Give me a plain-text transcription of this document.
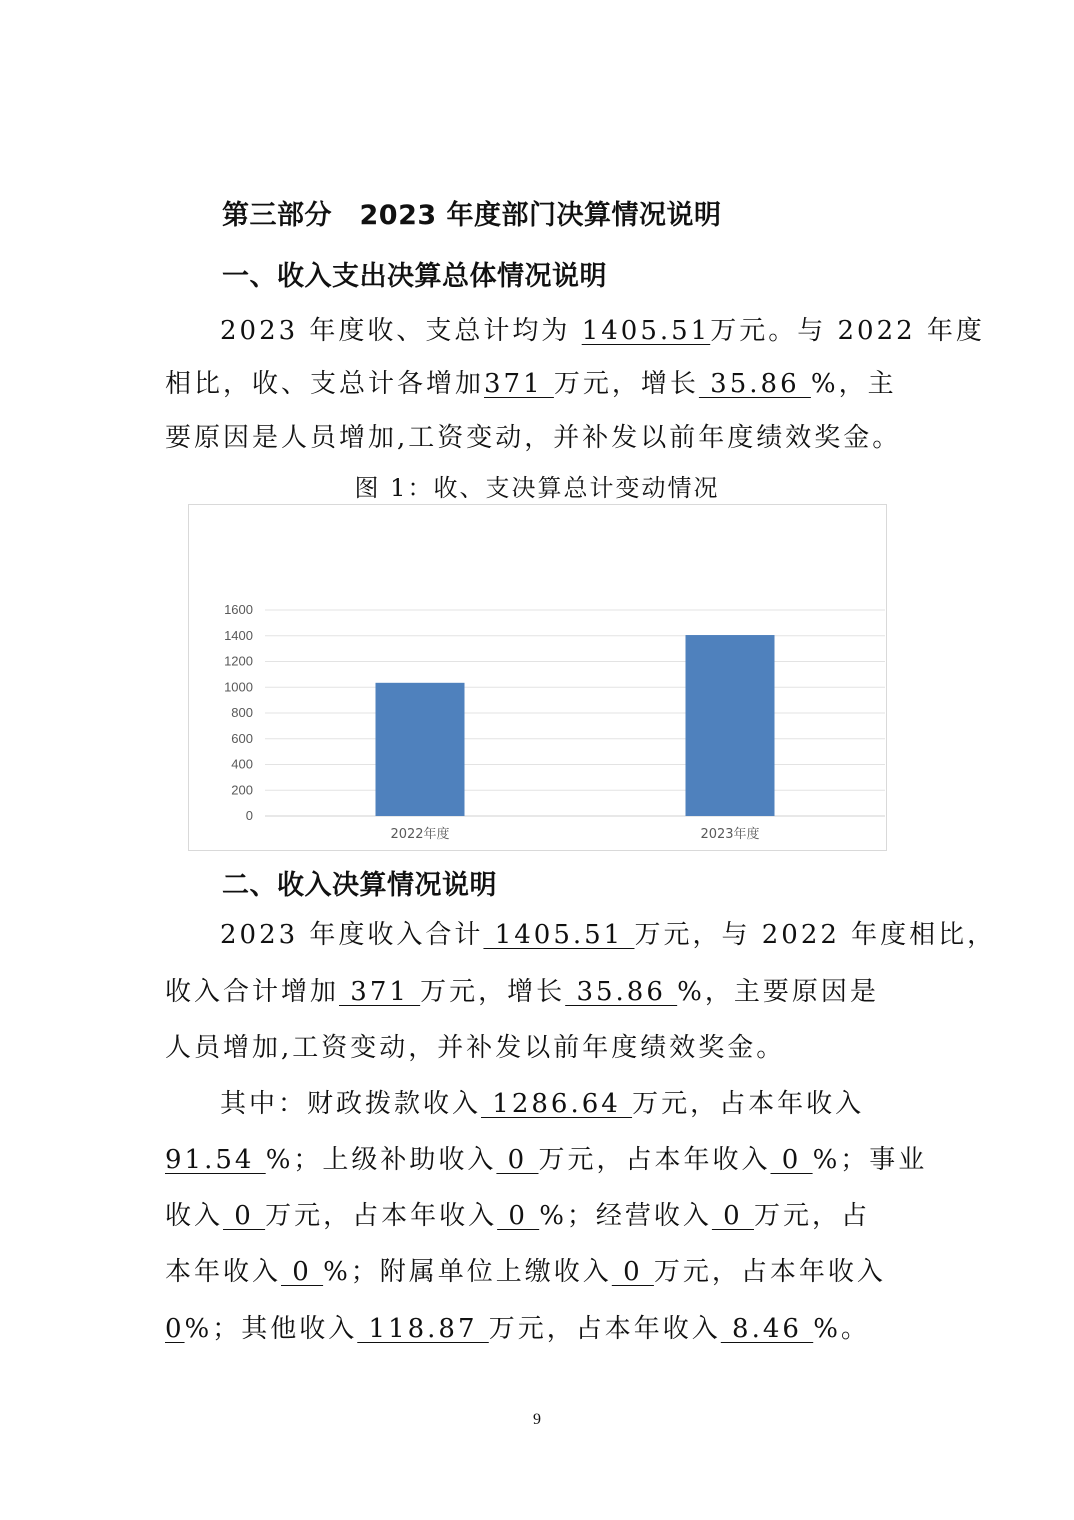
第三部分　2023 年度部门决算情况说明
一、收入支出决算总体情况说明
2023 年度收、支总计均为 1405.51万元。与 2022 年度
相比，收、支总计各增加371 万元，增长 35.86 %，主
要原因是人员增加,工资变动，并补发以前年度绩效奖金。
图 1：收、支决算总计变动情况
0
200
400
600
800
1000
1200
1400
1600
2022年度	2023年度
二、收入决算情况说明
2023 年度收入合计 1405.51 万元，与 2022 年度相比，
收入合计增加 371 万元，增长 35.86 %，主要原因是
人员增加,工资变动，并补发以前年度绩效奖金。
其中：财政拨款收入 1286.64 万元，占本年收入
91.54 %；上级补助收入 0 万元，占本年收入 0 %；事业
收入 0 万元，占本年收入 0 %；经营收入 0 万元，占
本年收入 0 %；附属单位上缴收入 0 万元，占本年收入
0%；其他收入 118.87 万元，占本年收入 8.46 %。
9
